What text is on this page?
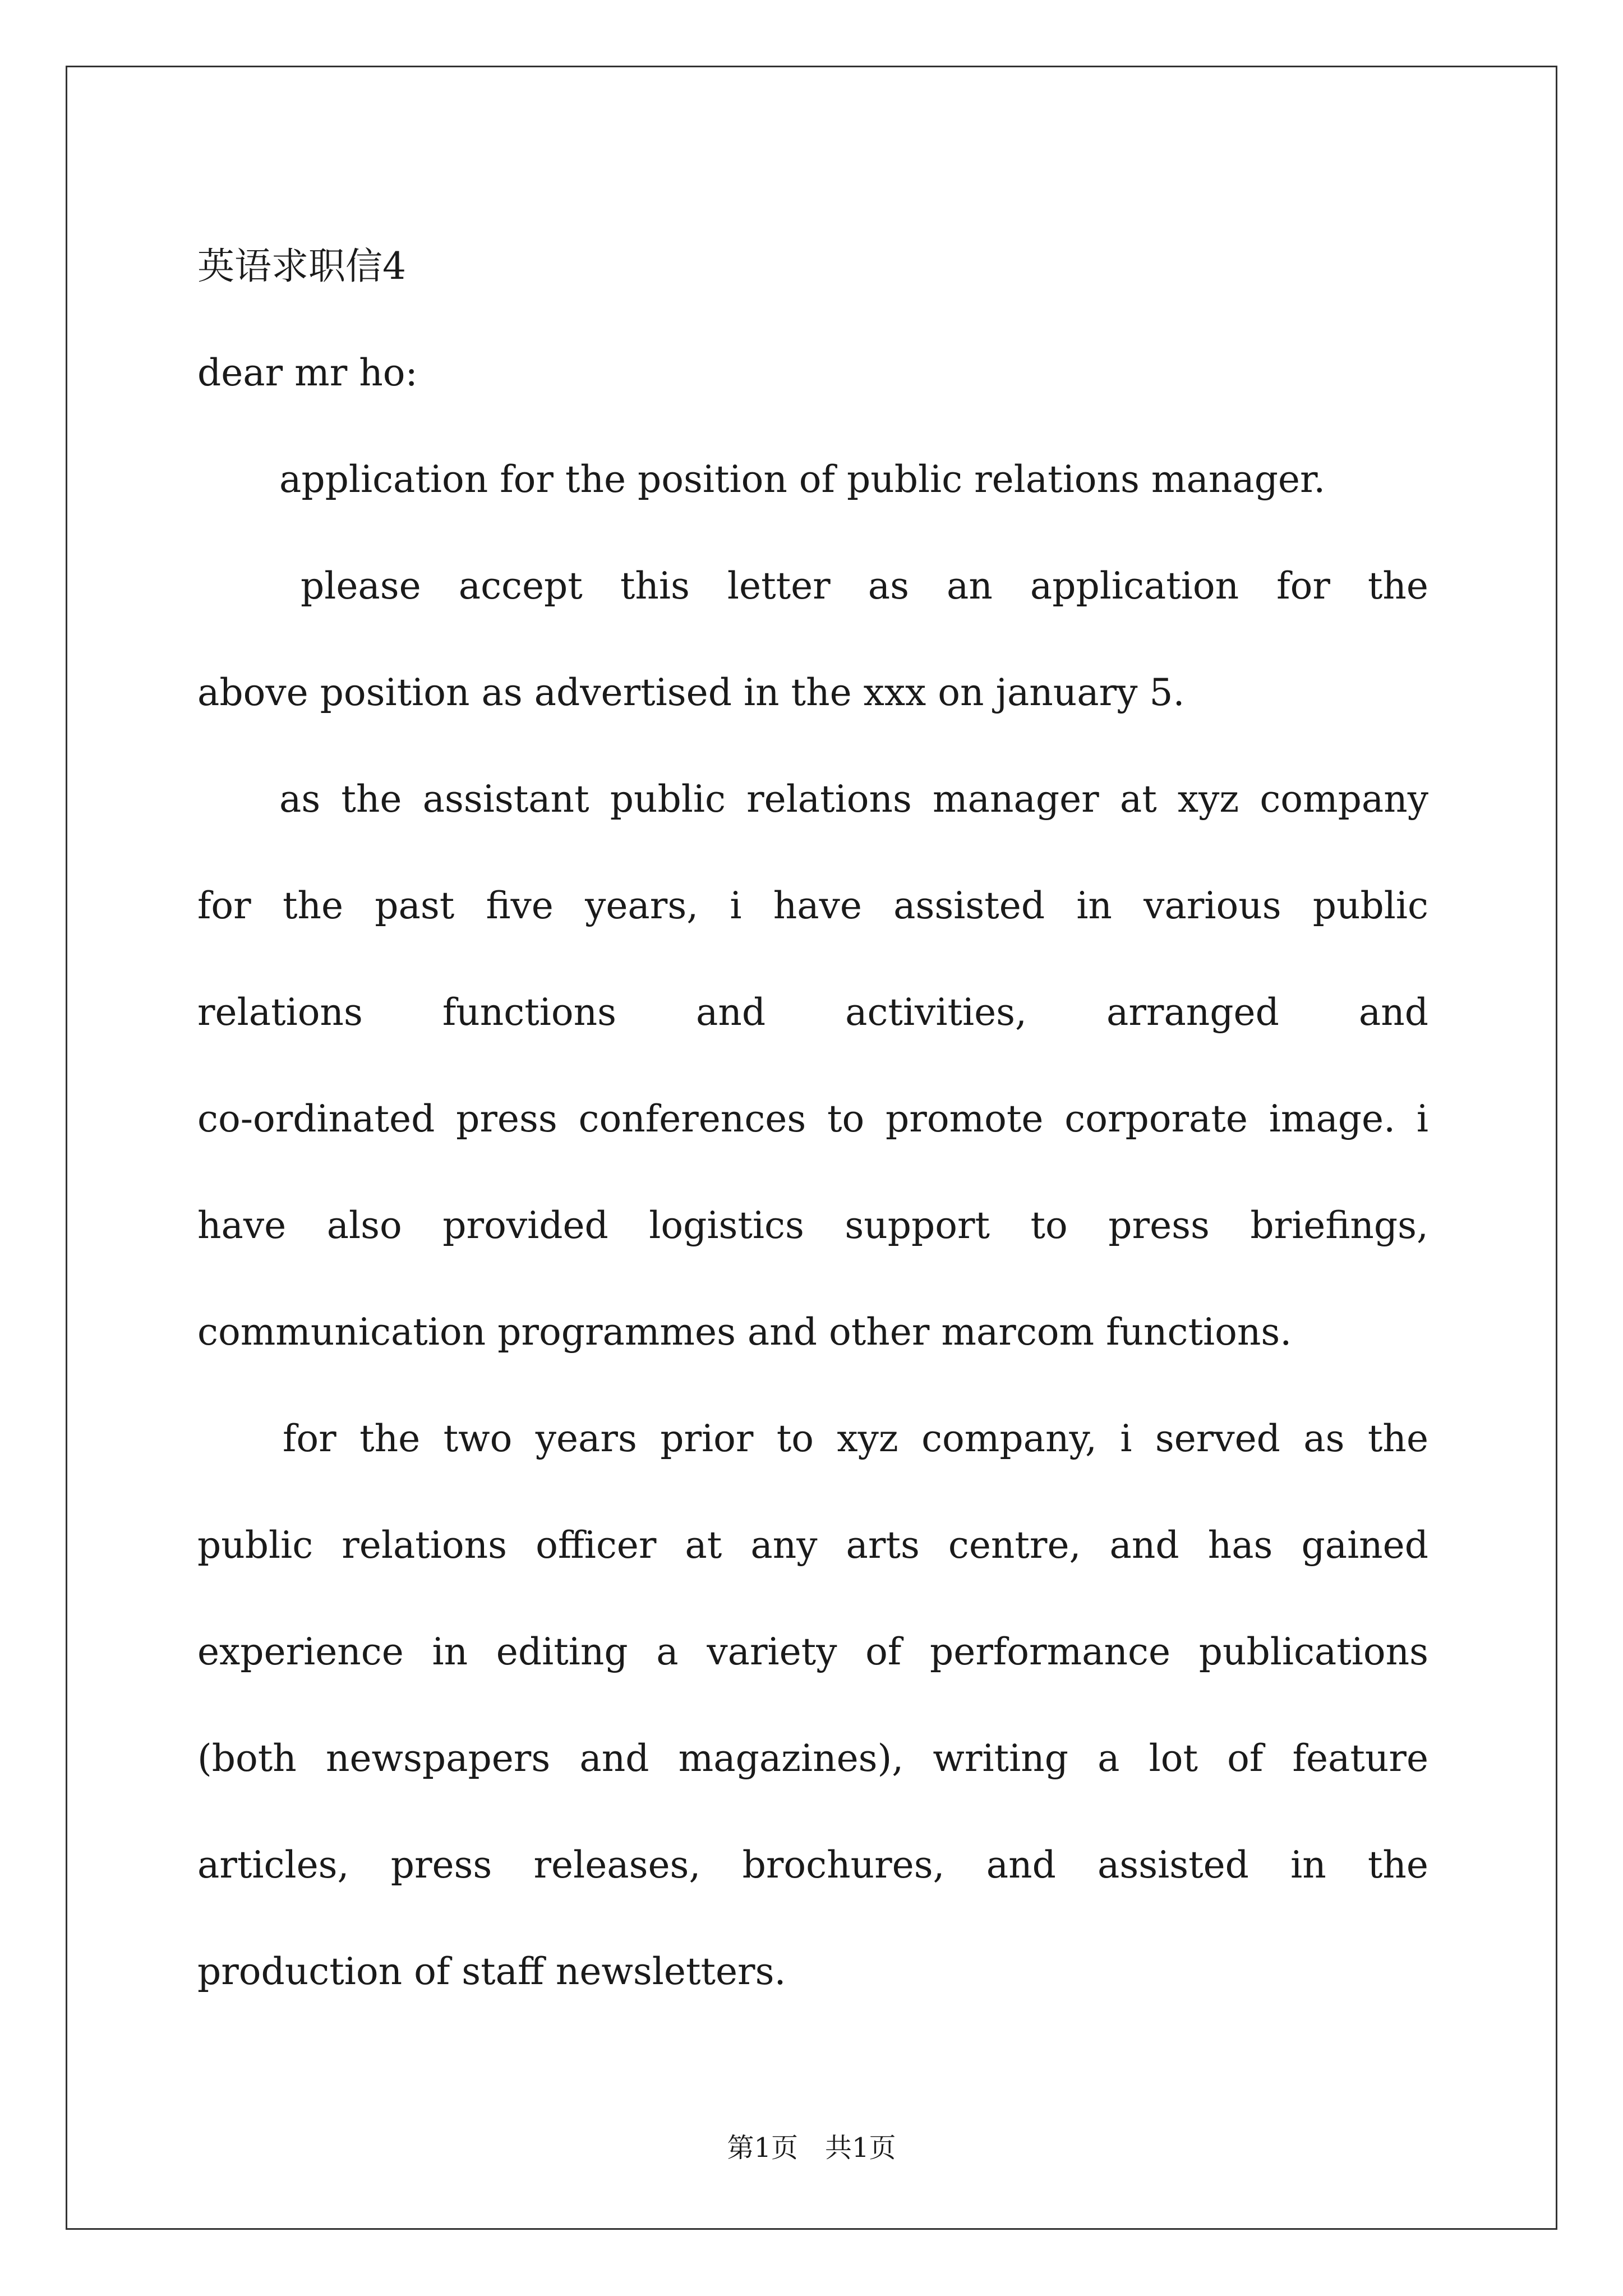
英语求职信4

dear mr ho:

application for the position of public relations manager.

please accept this letter as an application for the

above position as advertised in the xxx on january 5.

as the assistant public relations manager at xyz company

for the past five years, i have assisted in various public

relations functions and activities, arranged and

co-ordinated press conferences to promote corporate image. i

have also provided logistics support to press briefings,

communication programmes and other marcom functions.

for the two years prior to xyz company, i served as the

public relations officer at any arts centre, and has gained

experience in editing a variety of performance publications

(both newspapers and magazines), writing a lot of feature

articles, press releases, brochures, and assisted in the

production of staff newsletters.

第1页 共1页
